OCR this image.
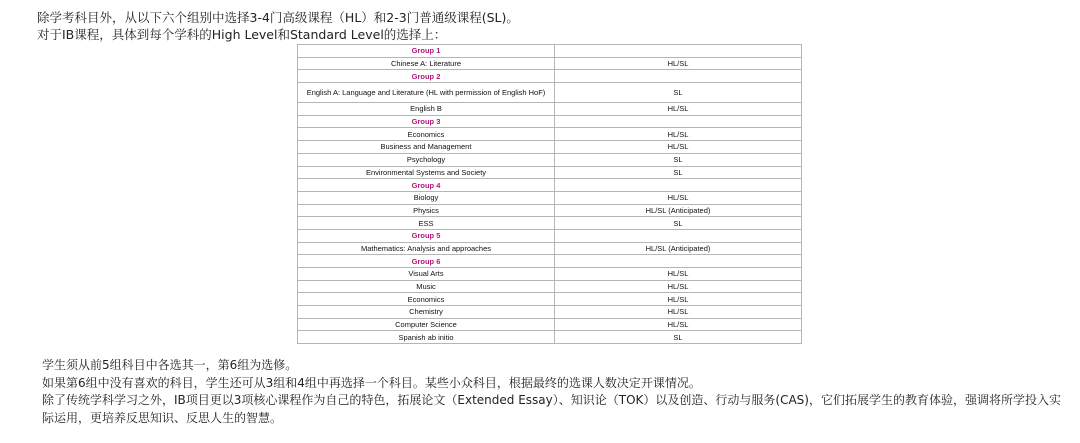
除学考科目外，从以下六个组别中选择3-4门高级课程（HL）和2-3门普通级课程(SL)。
对于IB课程，具体到每个学科的High Level和Standard Level的选择上：
Group 1	
Chinese A: Literature	HL/SL
Group 2	
English A: Language and Literature (HL with permission of English HoF)	SL
English B	HL/SL
Group 3	
Economics	HL/SL
Business and Management	HL/SL
Psychology	SL
Environmental Systems and Society	SL
Group 4	
Biology	HL/SL
Physics	HL/SL (Anticipated)
ESS	SL
Group 5	
Mathematics: Analysis and approaches	HL/SL (Anticipated)
Group 6	
Visual Arts	HL/SL
Music	HL/SL
Economics	HL/SL
Chemistry	HL/SL
Computer Science	HL/SL
Spanish ab initio	SL

学生须从前5组科目中各选其一，第6组为选修。

如果第6组中没有喜欢的科目，学生还可从3组和4组中再选择一个科目。某些小众科目，根据最终的选课人数决定开课情况。

除了传统学科学习之外，IB项目更以3项核心课程作为自己的特色，拓展论文（Extended Essay）、知识论（TOK）以及创造、行动与服务(CAS)，它们拓展学生的教育体验，强调将所学投入实际运用，更培养反思知识、反思人生的智慧。
